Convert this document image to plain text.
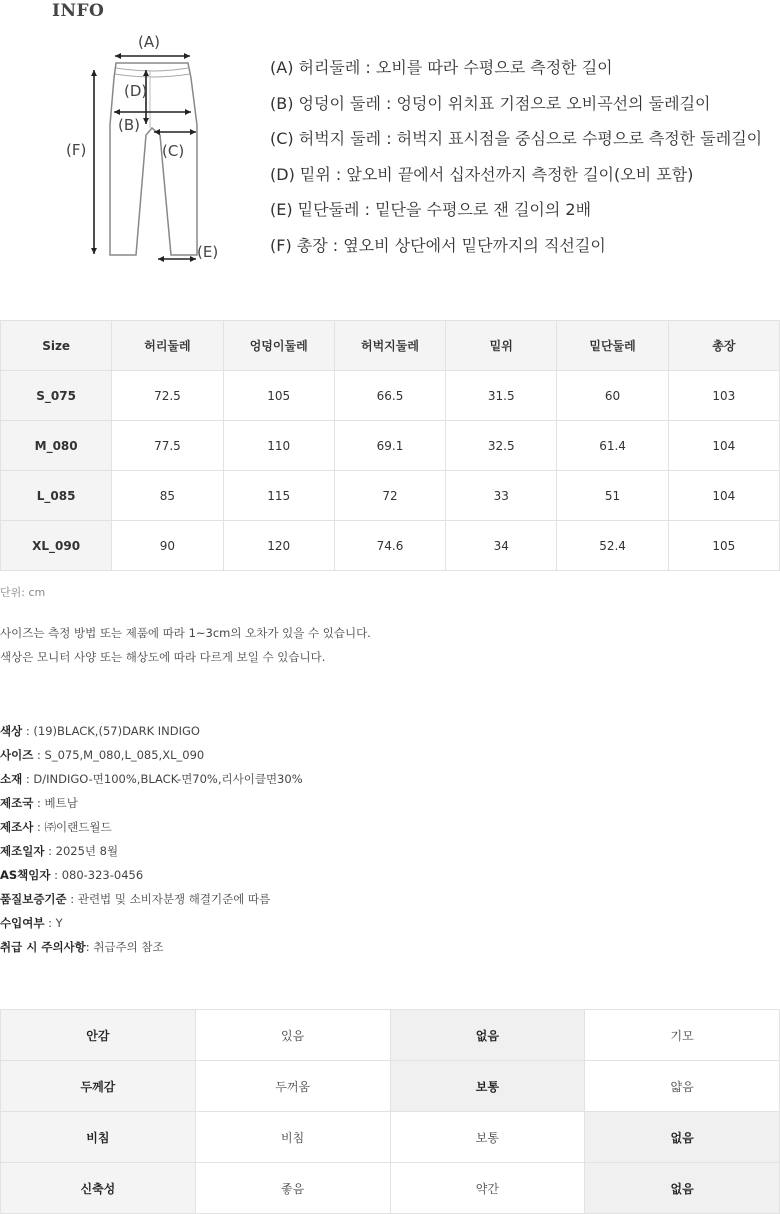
INFO
(A)
(D)
(B)
(C)
(F)
(E)
(A) 허리둘레 : 오비를 따라 수평으로 측정한 길이
(B) 엉덩이 둘레 : 엉덩이 위치표 기점으로 오비곡선의 둘레길이
(C) 허벅지 둘레 : 허벅지 표시점을 중심으로 수평으로 측정한 둘레길이
(D) 밑위 : 앞오비 끝에서 십자선까지 측정한 길이(오비 포함)
(E) 밑단둘레 : 밑단을 수평으로 잰 길이의 2배
(F) 총장 : 옆오비 상단에서 밑단까지의 직선길이
Size	허리둘레	엉덩이둘레	허벅지둘레	밑위	밑단둘레	총장
S_075	72.5	105	66.5	31.5	60	103
M_080	77.5	110	69.1	32.5	61.4	104
L_085	85	115	72	33	51	104
XL_090	90	120	74.6	34	52.4	105
단위: cm
사이즈는 측정 방법 또는 제품에 따라 1~3cm의 오차가 있을 수 있습니다.
색상은 모니터 사양 또는 해상도에 따라 다르게 보일 수 있습니다.
색상 : (19)BLACK,(57)DARK INDIGO
사이즈 : S_075,M_080,L_085,XL_090
소재 : D/INDIGO-면100%,BLACK-면70%,리사이클면30%
제조국 : 베트남
제조사 : ㈜이랜드월드
제조일자 : 2025년 8월
AS책임자 : 080-323-0456
품질보증기준 : 관련법 및 소비자분쟁 해결기준에 따름
수입여부 : Y
취급 시 주의사항: 취급주의 참조
안감	있음	없음	기모
두께감	두꺼움	보통	얇음
비침	비침	보통	없음
신축성	좋음	약간	없음
